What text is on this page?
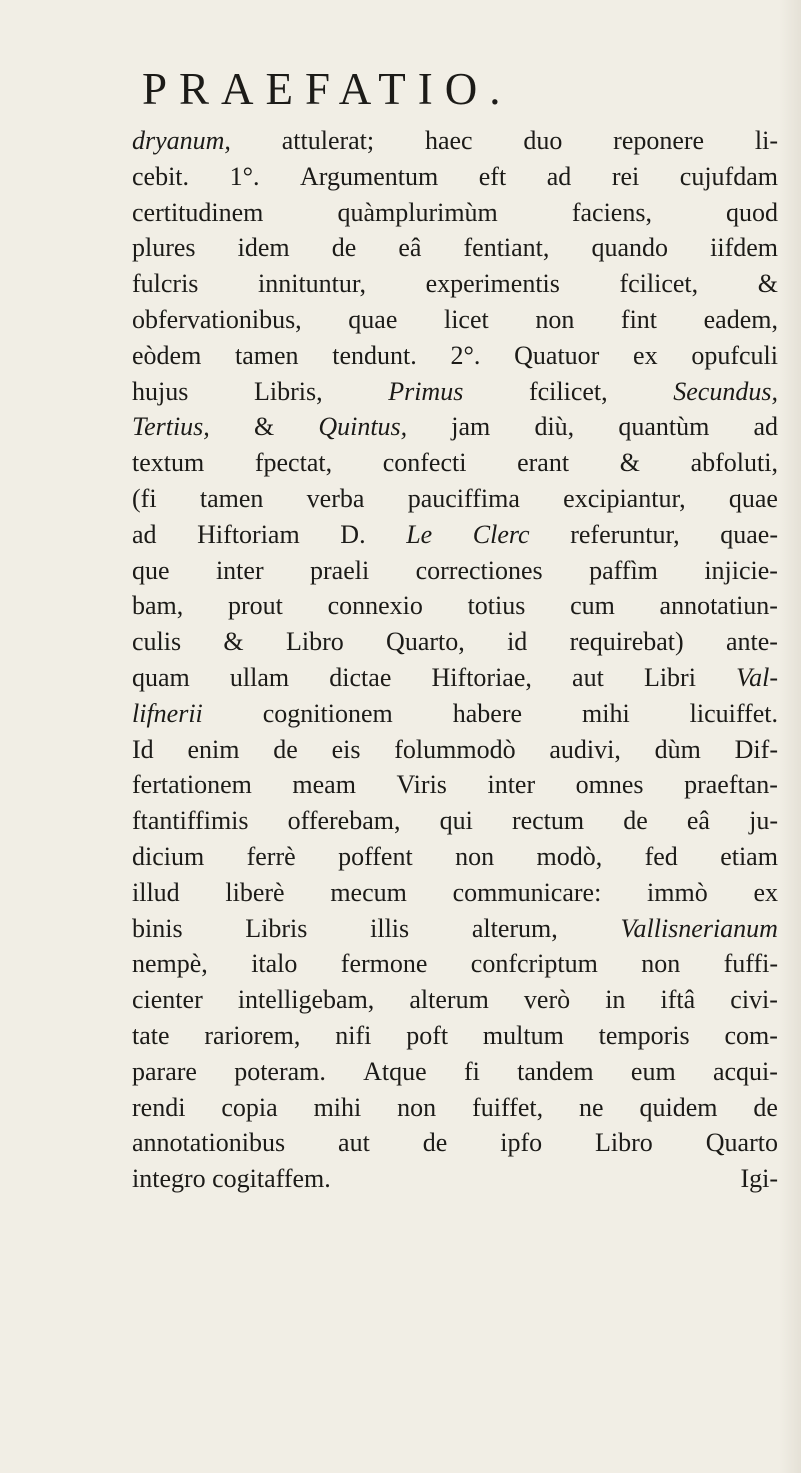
PRAEFATIO.
dryanum, attulerat; haec duo reponere li-
cebit. 1°. Argumentum eft ad rei cujufdam
certitudinem	quàmplurimùm	faciens,	quod
plures idem de eâ fentiant, quando iifdem
fulcris innituntur, experimentis fcilicet, &
obfervationibus, quae licet non fint eadem,
eòdem tamen tendunt. 2°. Quatuor ex opufculi
hujus	Libris,	Primus	fcilicet,	Secundus,
Tertius, & Quintus, jam diù, quantùm ad
textum fpectat, confecti erant & abfoluti,
(fi tamen verba pauciffima excipiantur, quae
ad Hiftoriam D. Le Clerc referuntur, quae-
que inter praeli correctiones paffìm injicie-
bam, prout connexio totius cum annotatiun-
culis & Libro Quarto, id requirebat) ante-
quam ullam dictae Hiftoriae, aut Libri Val-
lifnerii cognitionem habere mihi licuiffet.
Id enim de eis folummodò audivi, dùm Dif-
fertationem meam Viris inter omnes praeftan-
ftantiffimis offerebam, qui rectum de eâ ju-
dicium ferrè poffent non modò, fed etiam
illud liberè mecum communicare: immò ex
binis Libris illis alterum, Vallisnerianum
nempè, italo fermone confcriptum non fuffi-
cienter intelligebam, alterum verò in iftâ civi-
tate rariorem, nifi poft multum temporis com-
parare poteram. Atque fi tandem eum acqui-
rendi copia mihi non fuiffet, ne quidem de
annotationibus aut de ipfo Libro Quarto
integro cogitaffem.	Igi-
